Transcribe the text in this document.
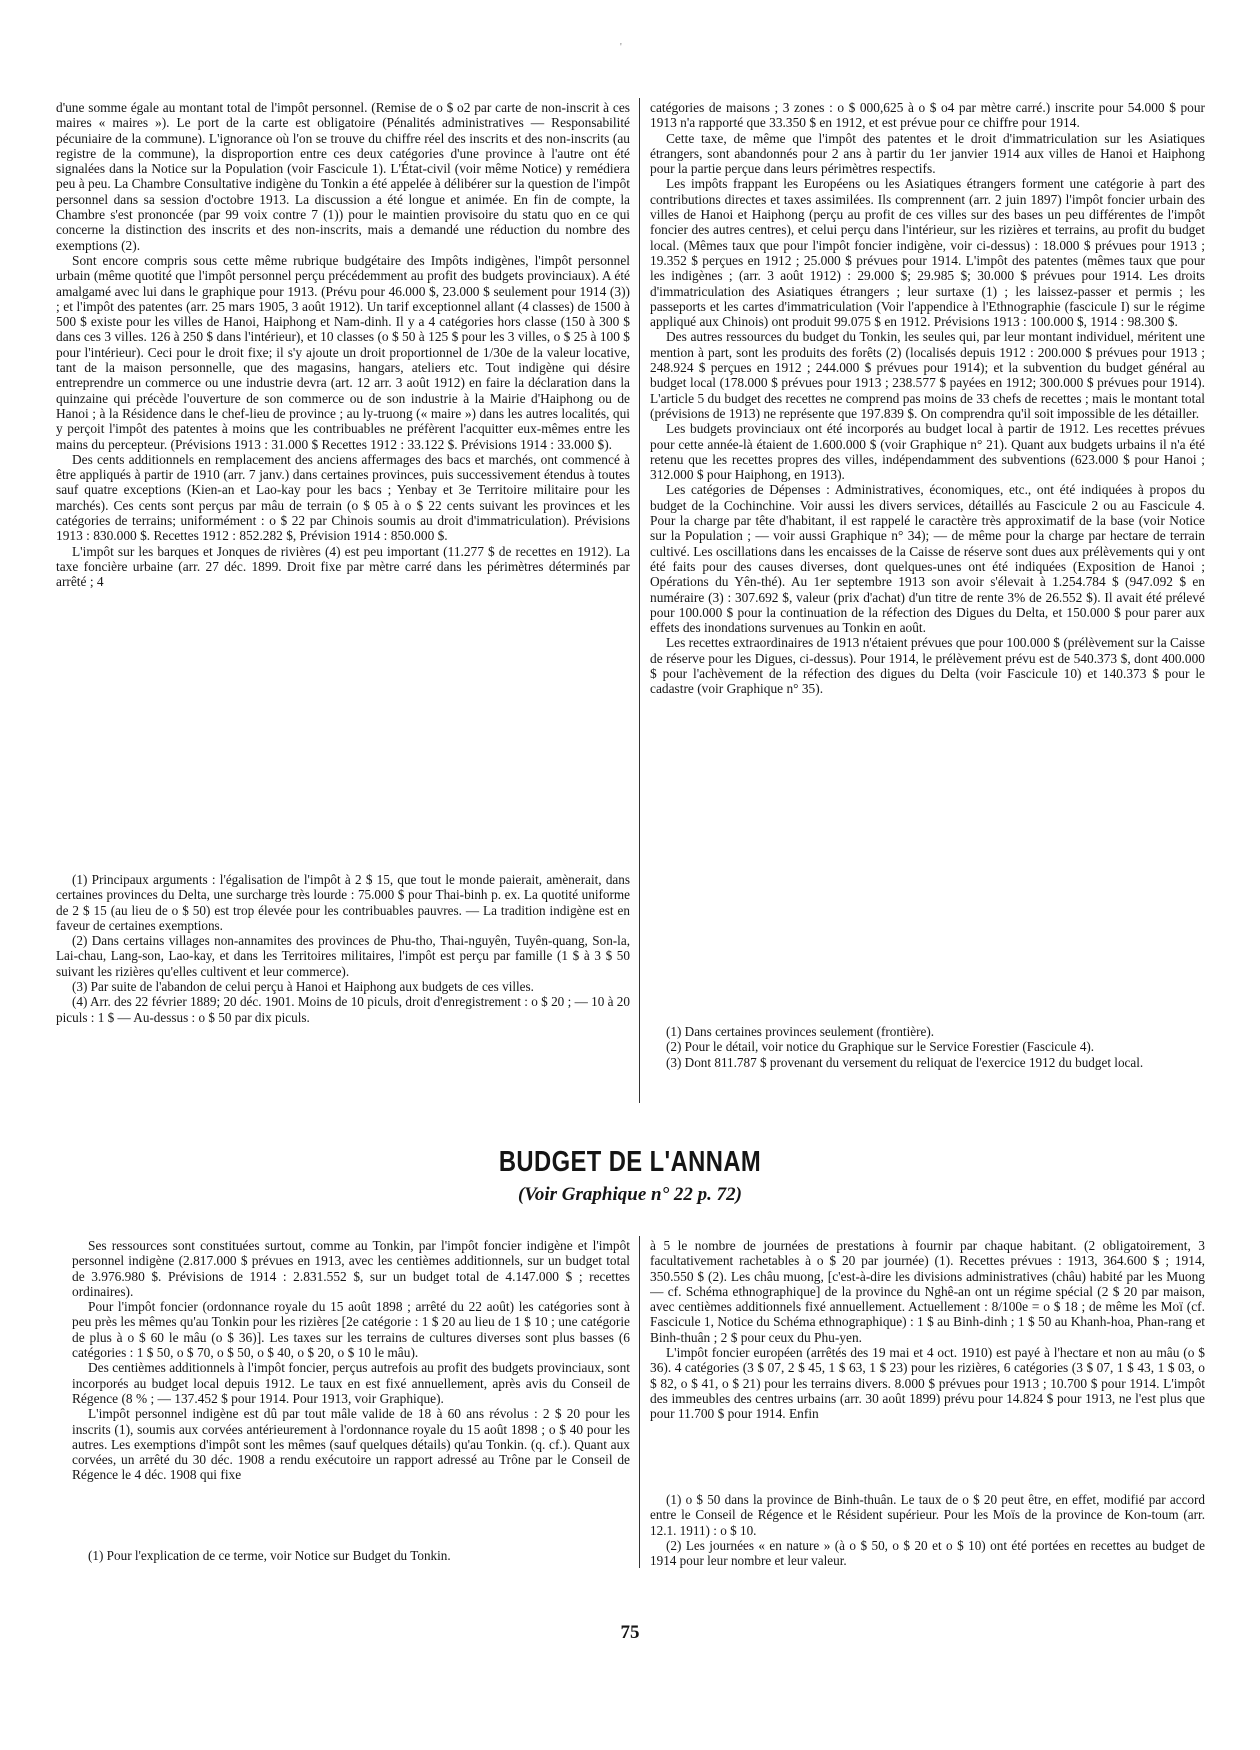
'

d'une somme égale au montant total de l'impôt personnel. (Remise de o $ o2 par carte de non-inscrit à ces maires « maires »). Le port de la carte est obligatoire (Pénalités administratives — Responsabilité pécuniaire de la commune). L'ignorance où l'on se trouve du chiffre réel des inscrits et des non-inscrits (au registre de la commune), la disproportion entre ces deux catégories d'une province à l'autre ont été signalées dans la Notice sur la Population (voir Fascicule 1). L'État-civil (voir même Notice) y remédiera peu à peu. La Chambre Consultative indigène du Tonkin a été appelée à délibérer sur la question de l'impôt personnel dans sa session d'octobre 1913. La discussion a été longue et animée. En fin de compte, la Chambre s'est prononcée (par 99 voix contre 7 (1)) pour le maintien provisoire du statu quo en ce qui concerne la distinction des inscrits et des non-inscrits, mais a demandé une réduction du nombre des exemptions (2).

Sont encore compris sous cette même rubrique budgétaire des Impôts indigènes, l'impôt personnel urbain (même quotité que l'impôt personnel perçu précédemment au profit des budgets provinciaux). A été amalgamé avec lui dans le graphique pour 1913. (Prévu pour 46.000 $, 23.000 $ seulement pour 1914 (3)) ; et l'impôt des patentes (arr. 25 mars 1905, 3 août 1912). Un tarif exceptionnel allant (4 classes) de 1500 à 500 $ existe pour les villes de Hanoi, Haiphong et Nam-dinh. Il y a 4 catégories hors classe (150 à 300 $ dans ces 3 villes. 126 à 250 $ dans l'intérieur), et 10 classes (o $ 50 à 125 $ pour les 3 villes, o $ 25 à 100 $ pour l'intérieur). Ceci pour le droit fixe; il s'y ajoute un droit proportionnel de 1/30e de la valeur locative, tant de la maison personnelle, que des magasins, hangars, ateliers etc. Tout indigène qui désire entreprendre un commerce ou une industrie devra (art. 12 arr. 3 août 1912) en faire la déclaration dans la quinzaine qui précède l'ouverture de son commerce ou de son industrie à la Mairie d'Haiphong ou de Hanoi ; à la Résidence dans le chef-lieu de province ; au ly-truong (« maire ») dans les autres localités, qui y perçoit l'impôt des patentes à moins que les contribuables ne préfèrent l'acquitter eux-mêmes entre les mains du percepteur. (Prévisions 1913 : 31.000 $ Recettes 1912 : 33.122 $. Prévisions 1914 : 33.000 $).

Des cents additionnels en remplacement des anciens affermages des bacs et marchés, ont commencé à être appliqués à partir de 1910 (arr. 7 janv.) dans certaines provinces, puis successivement étendus à toutes sauf quatre exceptions (Kien-an et Lao-kay pour les bacs ; Yenbay et 3e Territoire militaire pour les marchés). Ces cents sont perçus par mâu de terrain (o $ 05 à o $ 22 cents suivant les provinces et les catégories de terrains; uniformément : o $ 22 par Chinois soumis au droit d'immatriculation). Prévisions 1913 : 830.000 $. Recettes 1912 : 852.282 $, Prévision 1914 : 850.000 $.

L'impôt sur les barques et Jonques de rivières (4) est peu important (11.277 $ de recettes en 1912). La taxe foncière urbaine (arr. 27 déc. 1899. Droit fixe par mètre carré dans les périmètres déterminés par arrêté ; 4

(1) Principaux arguments : l'égalisation de l'impôt à 2 $ 15, que tout le monde paierait, amènerait, dans certaines provinces du Delta, une surcharge très lourde : 75.000 $ pour Thai-binh p. ex. La quotité uniforme de 2 $ 15 (au lieu de o $ 50) est trop élevée pour les contribuables pauvres. — La tradition indigène est en faveur de certaines exemptions.

(2) Dans certains villages non-annamites des provinces de Phu-tho, Thai-nguyên, Tuyên-quang, Son-la, Lai-chau, Lang-son, Lao-kay, et dans les Territoires militaires, l'impôt est perçu par famille (1 $ à 3 $ 50 suivant les rizières qu'elles cultivent et leur commerce).

(3) Par suite de l'abandon de celui perçu à Hanoi et Haiphong aux budgets de ces villes.

(4) Arr. des 22 février 1889; 20 déc. 1901. Moins de 10 piculs, droit d'enregistrement : o $ 20 ; — 10 à 20 piculs : 1 $ — Au-dessus : o $ 50 par dix piculs.

catégories de maisons ; 3 zones : o $ 000,625 à o $ o4 par mètre carré.) inscrite pour 54.000 $ pour 1913 n'a rapporté que 33.350 $ en 1912, et est prévue pour ce chiffre pour 1914.

Cette taxe, de même que l'impôt des patentes et le droit d'immatriculation sur les Asiatiques étrangers, sont abandonnés pour 2 ans à partir du 1er janvier 1914 aux villes de Hanoi et Haiphong pour la partie perçue dans leurs périmètres respectifs.

Les impôts frappant les Européens ou les Asiatiques étrangers forment une catégorie à part des contributions directes et taxes assimilées. Ils comprennent (arr. 2 juin 1897) l'impôt foncier urbain des villes de Hanoi et Haiphong (perçu au profit de ces villes sur des bases un peu différentes de l'impôt foncier des autres centres), et celui perçu dans l'intérieur, sur les rizières et terrains, au profit du budget local. (Mêmes taux que pour l'impôt foncier indigène, voir ci-dessus) : 18.000 $ prévues pour 1913 ; 19.352 $ perçues en 1912 ; 25.000 $ prévues pour 1914. L'impôt des patentes (mêmes taux que pour les indigènes ; (arr. 3 août 1912) : 29.000 $; 29.985 $; 30.000 $ prévues pour 1914. Les droits d'immatriculation des Asiatiques étrangers ; leur surtaxe (1) ; les laissez-passer et permis ; les passeports et les cartes d'immatriculation (Voir l'appendice à l'Ethnographie (fascicule I) sur le régime appliqué aux Chinois) ont produit 99.075 $ en 1912. Prévisions 1913 : 100.000 $, 1914 : 98.300 $.

Des autres ressources du budget du Tonkin, les seules qui, par leur montant individuel, méritent une mention à part, sont les produits des forêts (2) (localisés depuis 1912 : 200.000 $ prévues pour 1913 ; 248.924 $ perçues en 1912 ; 244.000 $ prévues pour 1914); et la subvention du budget général au budget local (178.000 $ prévues pour 1913 ; 238.577 $ payées en 1912; 300.000 $ prévues pour 1914). L'article 5 du budget des recettes ne comprend pas moins de 33 chefs de recettes ; mais le montant total (prévisions de 1913) ne représente que 197.839 $. On comprendra qu'il soit impossible de les détailler.

Les budgets provinciaux ont été incorporés au budget local à partir de 1912. Les recettes prévues pour cette année-là étaient de 1.600.000 $ (voir Graphique n° 21). Quant aux budgets urbains il n'a été retenu que les recettes propres des villes, indépendamment des subventions (623.000 $ pour Hanoi ; 312.000 $ pour Haiphong, en 1913).

Les catégories de Dépenses : Administratives, économiques, etc., ont été indiquées à propos du budget de la Cochinchine. Voir aussi les divers services, détaillés au Fascicule 2 ou au Fascicule 4. Pour la charge par tête d'habitant, il est rappelé le caractère très approximatif de la base (voir Notice sur la Population ; — voir aussi Graphique n° 34); — de même pour la charge par hectare de terrain cultivé. Les oscillations dans les encaisses de la Caisse de réserve sont dues aux prélèvements qui y ont été faits pour des causes diverses, dont quelques-unes ont été indiquées (Exposition de Hanoi ; Opérations du Yên-thé). Au 1er septembre 1913 son avoir s'élevait à 1.254.784 $ (947.092 $ en numéraire (3) : 307.692 $, valeur (prix d'achat) d'un titre de rente 3% de 26.552 $). Il avait été prélevé pour 100.000 $ pour la continuation de la réfection des Digues du Delta, et 150.000 $ pour parer aux effets des inondations survenues au Tonkin en août.

Les recettes extraordinaires de 1913 n'étaient prévues que pour 100.000 $ (prélèvement sur la Caisse de réserve pour les Digues, ci-dessus). Pour 1914, le prélèvement prévu est de 540.373 $, dont 400.000 $ pour l'achèvement de la réfection des digues du Delta (voir Fascicule 10) et 140.373 $ pour le cadastre (voir Graphique n° 35).

(1) Dans certaines provinces seulement (frontière).

(2) Pour le détail, voir notice du Graphique sur le Service Forestier (Fascicule 4).

(3) Dont 811.787 $ provenant du versement du reliquat de l'exercice 1912 du budget local.

BUDGET DE L'ANNAM
(Voir Graphique n° 22 p. 72)

Ses ressources sont constituées surtout, comme au Tonkin, par l'impôt foncier indigène et l'impôt personnel indigène (2.817.000 $ prévues en 1913, avec les centièmes additionnels, sur un budget total de 3.976.980 $. Prévisions de 1914 : 2.831.552 $, sur un budget total de 4.147.000 $ ; recettes ordinaires).

Pour l'impôt foncier (ordonnance royale du 15 août 1898 ; arrêté du 22 août) les catégories sont à peu près les mêmes qu'au Tonkin pour les rizières [2e catégorie : 1 $ 20 au lieu de 1 $ 10 ; une catégorie de plus à o $ 60 le mâu (o $ 36)]. Les taxes sur les terrains de cultures diverses sont plus basses (6 catégories : 1 $ 50, o $ 70, o $ 50, o $ 40, o $ 20, o $ 10 le mâu).

Des centièmes additionnels à l'impôt foncier, perçus autrefois au profit des budgets provinciaux, sont incorporés au budget local depuis 1912. Le taux en est fixé annuellement, après avis du Conseil de Régence (8 % ; — 137.452 $ pour 1914. Pour 1913, voir Graphique).

L'impôt personnel indigène est dû par tout mâle valide de 18 à 60 ans révolus : 2 $ 20 pour les inscrits (1), soumis aux corvées antérieurement à l'ordonnance royale du 15 août 1898 ; o $ 40 pour les autres. Les exemptions d'impôt sont les mêmes (sauf quelques détails) qu'au Tonkin. (q. cf.). Quant aux corvées, un arrêté du 30 déc. 1908 a rendu exécutoire un rapport adressé au Trône par le Conseil de Régence le 4 déc. 1908 qui fixe

(1) Pour l'explication de ce terme, voir Notice sur Budget du Tonkin.

à 5 le nombre de journées de prestations à fournir par chaque habitant. (2 obligatoirement, 3 facultativement rachetables à o $ 20 par journée) (1). Recettes prévues : 1913, 364.600 $ ; 1914, 350.550 $ (2). Les châu muong, [c'est-à-dire les divisions administratives (châu) habité par les Muong — cf. Schéma ethnographique] de la province du Nghê-an ont un régime spécial (2 $ 20 par maison, avec centièmes additionnels fixé annuellement. Actuellement : 8/100e = o $ 18 ; de même les Moï (cf. Fascicule 1, Notice du Schéma ethnographique) : 1 $ au Binh-dinh ; 1 $ 50 au Khanh-hoa, Phan-rang et Binh-thuân ; 2 $ pour ceux du Phu-yen.

L'impôt foncier européen (arrêtés des 19 mai et 4 oct. 1910) est payé à l'hectare et non au mâu (o $ 36). 4 catégories (3 $ 07, 2 $ 45, 1 $ 63, 1 $ 23) pour les rizières, 6 catégories (3 $ 07, 1 $ 43, 1 $ 03, o $ 82, o $ 41, o $ 21) pour les terrains divers. 8.000 $ prévues pour 1913 ; 10.700 $ pour 1914. L'impôt des immeubles des centres urbains (arr. 30 août 1899) prévu pour 14.824 $ pour 1913, ne l'est plus que pour 11.700 $ pour 1914. Enfin

(1) o $ 50 dans la province de Binh-thuân. Le taux de o $ 20 peut être, en effet, modifié par accord entre le Conseil de Régence et le Résident supérieur. Pour les Moïs de la province de Kon-toum (arr. 12.1. 1911) : o $ 10.

(2) Les journées « en nature » (à o $ 50, o $ 20 et o $ 10) ont été portées en recettes au budget de 1914 pour leur nombre et leur valeur.

75
